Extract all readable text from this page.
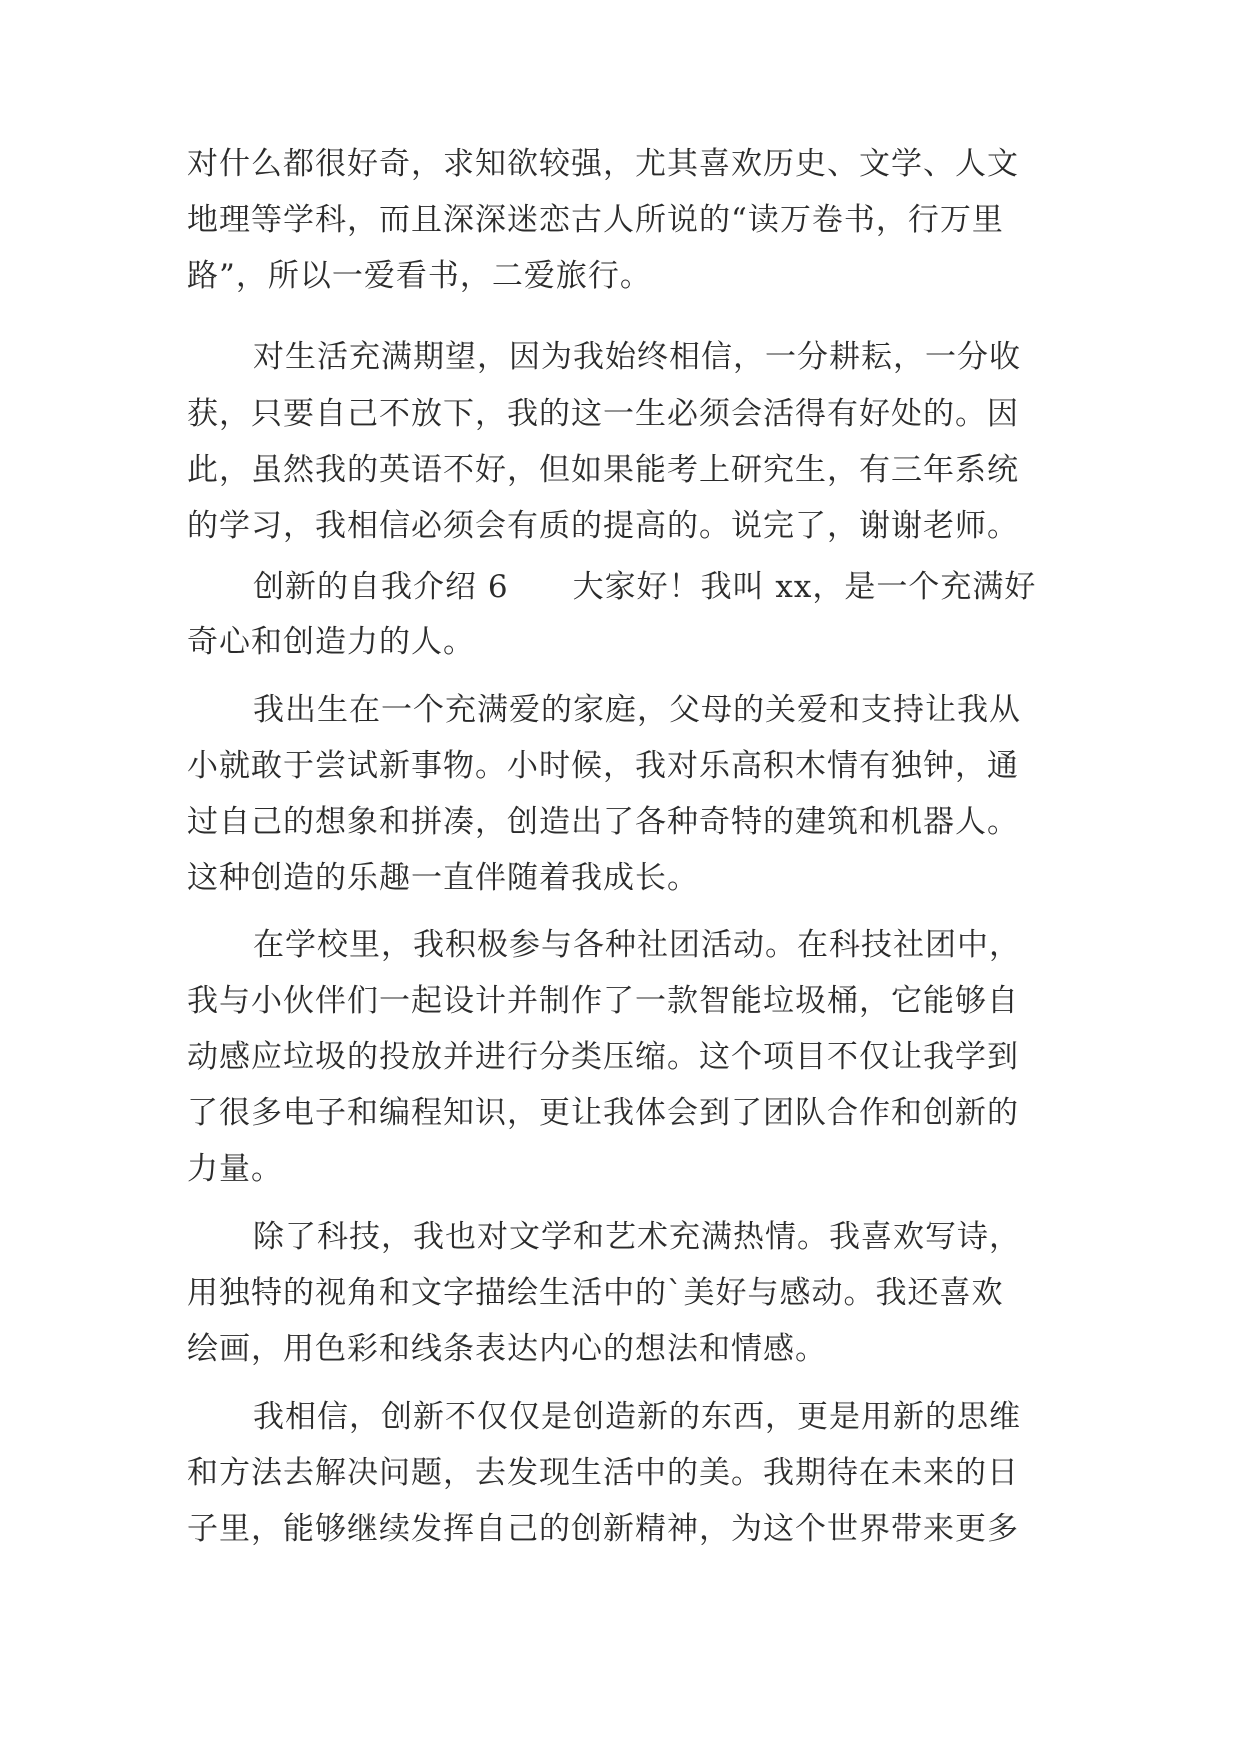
对什么都很好奇，求知欲较强，尤其喜欢历史、文学、人文
地理等学科，而且深深迷恋古人所说的“读万卷书，行万里
路”，所以一爱看书，二爱旅行。
对生活充满期望，因为我始终相信，一分耕耘，一分收
获，只要自己不放下，我的这一生必须会活得有好处的。因
此，虽然我的英语不好，但如果能考上研究生，有三年系统
的学习，我相信必须会有质的提高的。说完了，谢谢老师。
创新的自我介绍 6　　大家好！我叫 xx，是一个充满好
奇心和创造力的人。
我出生在一个充满爱的家庭，父母的关爱和支持让我从
小就敢于尝试新事物。小时候，我对乐高积木情有独钟，通
过自己的想象和拼凑，创造出了各种奇特的建筑和机器人。
这种创造的乐趣一直伴随着我成长。
在学校里，我积极参与各种社团活动。在科技社团中，
我与小伙伴们一起设计并制作了一款智能垃圾桶，它能够自
动感应垃圾的投放并进行分类压缩。这个项目不仅让我学到
了很多电子和编程知识，更让我体会到了团队合作和创新的
力量。
除了科技，我也对文学和艺术充满热情。我喜欢写诗，
用独特的视角和文字描绘生活中的`美好与感动。我还喜欢
绘画，用色彩和线条表达内心的想法和情感。
我相信，创新不仅仅是创造新的东西，更是用新的思维
和方法去解决问题，去发现生活中的美。我期待在未来的日
子里，能够继续发挥自己的创新精神，为这个世界带来更多
